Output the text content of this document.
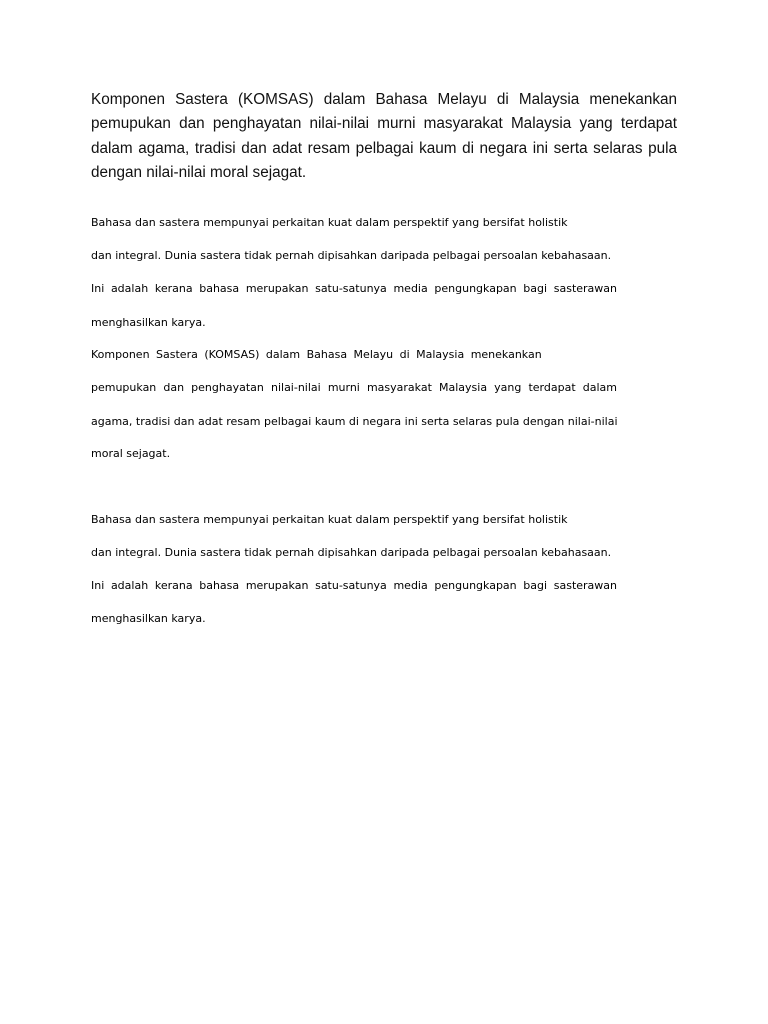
Komponen Sastera (KOMSAS) dalam Bahasa Melayu di Malaysia menekankan pemupukan dan penghayatan nilai-nilai murni masyarakat Malaysia yang terdapat dalam agama, tradisi dan adat resam pelbagai kaum di negara ini serta selaras pula dengan nilai-nilai moral sejagat.

Bahasa dan sastera mempunyai perkaitan kuat dalam perspektif yang bersifat holistik

dan integral. Dunia sastera tidak pernah dipisahkan daripada pelbagai persoalan kebahasaan.

Ini adalah kerana bahasa merupakan satu-satunya media pengungkapan bagi sasterawan

menghasilkan karya.

Komponen Sastera (KOMSAS) dalam Bahasa Melayu di Malaysia menekankan

pemupukan dan penghayatan nilai-nilai murni masyarakat Malaysia yang terdapat dalam

agama, tradisi dan adat resam pelbagai kaum di negara ini serta selaras pula dengan nilai-nilai

moral sejagat.

Bahasa dan sastera mempunyai perkaitan kuat dalam perspektif yang bersifat holistik

dan integral. Dunia sastera tidak pernah dipisahkan daripada pelbagai persoalan kebahasaan.

Ini adalah kerana bahasa merupakan satu-satunya media pengungkapan bagi sasterawan

menghasilkan karya.
